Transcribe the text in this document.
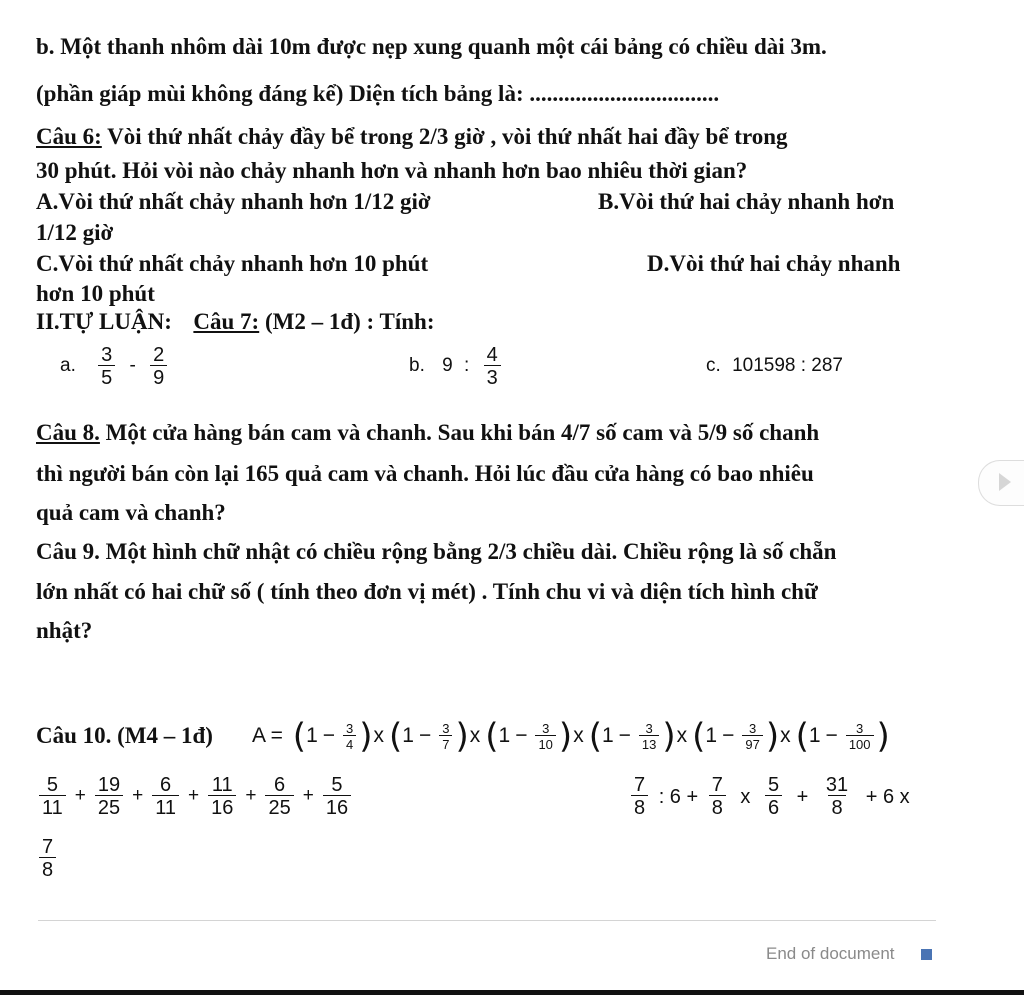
b. Một thanh nhôm dài 10m được nẹp xung quanh một cái bảng có chiều dài 3m.
(phần giáp mùi không đáng kể) Diện tích bảng là: .................................
Câu 6: Vòi thứ nhất chảy đầy bể trong 2/3 giờ , vòi thứ nhất hai đầy bể trong
30 phút. Hỏi vòi nào chảy nhanh hơn và nhanh hơn bao nhiêu thời gian?
A.Vòi thứ nhất chảy nhanh hơn 1/12 giờ	B.Vòi thứ hai chảy nhanh hơn
1/12 giờ
C.Vòi thứ nhất chảy nhanh hơn 10 phút	D.Vòi thứ hai chảy nhanh
hơn 10 phút
II.TỰ LUẬN: Câu 7: (M2 – 1đ) : Tính:
a. $\frac{3}{5} - \frac{2}{9}$	b. 9 : $\frac{4}{3}$	c. 101598 : 287
Câu 8. Một cửa hàng bán cam và chanh. Sau khi bán 4/7 số cam và 5/9 số chanh
thì người bán còn lại 165 quả cam và chanh. Hỏi lúc đầu cửa hàng có bao nhiêu
quả cam và chanh?
Câu 9. Một hình chữ nhật có chiều rộng bằng 2/3 chiều dài. Chiều rộng là số chẵn
lớn nhất có hai chữ số ( tính theo đơn vị mét) . Tính chu vi và diện tích hình chữ
nhật?
Câu 10. (M4 – 1đ) $A = (1 - \frac{3}{4} )x$ $(1 - \frac{3}{7} )x$ $(1 - \frac{3}{10} )x$ $(1 - \frac{3}{13} )x$ $(1 - \frac{3}{97} )x$ ($1 - \frac{3}{100}$ )
$\frac{5}{11} + \frac{19}{25} + \frac{6}{11} + \frac{11}{16} + \frac{6}{25} + \frac{5}{16}$	$\frac{7}{8}$ : $6 + \frac{7}{8}$ x $\frac{5}{6} + \frac{31}{8} + 6$ x
$\frac{7}{8}$
End of document
